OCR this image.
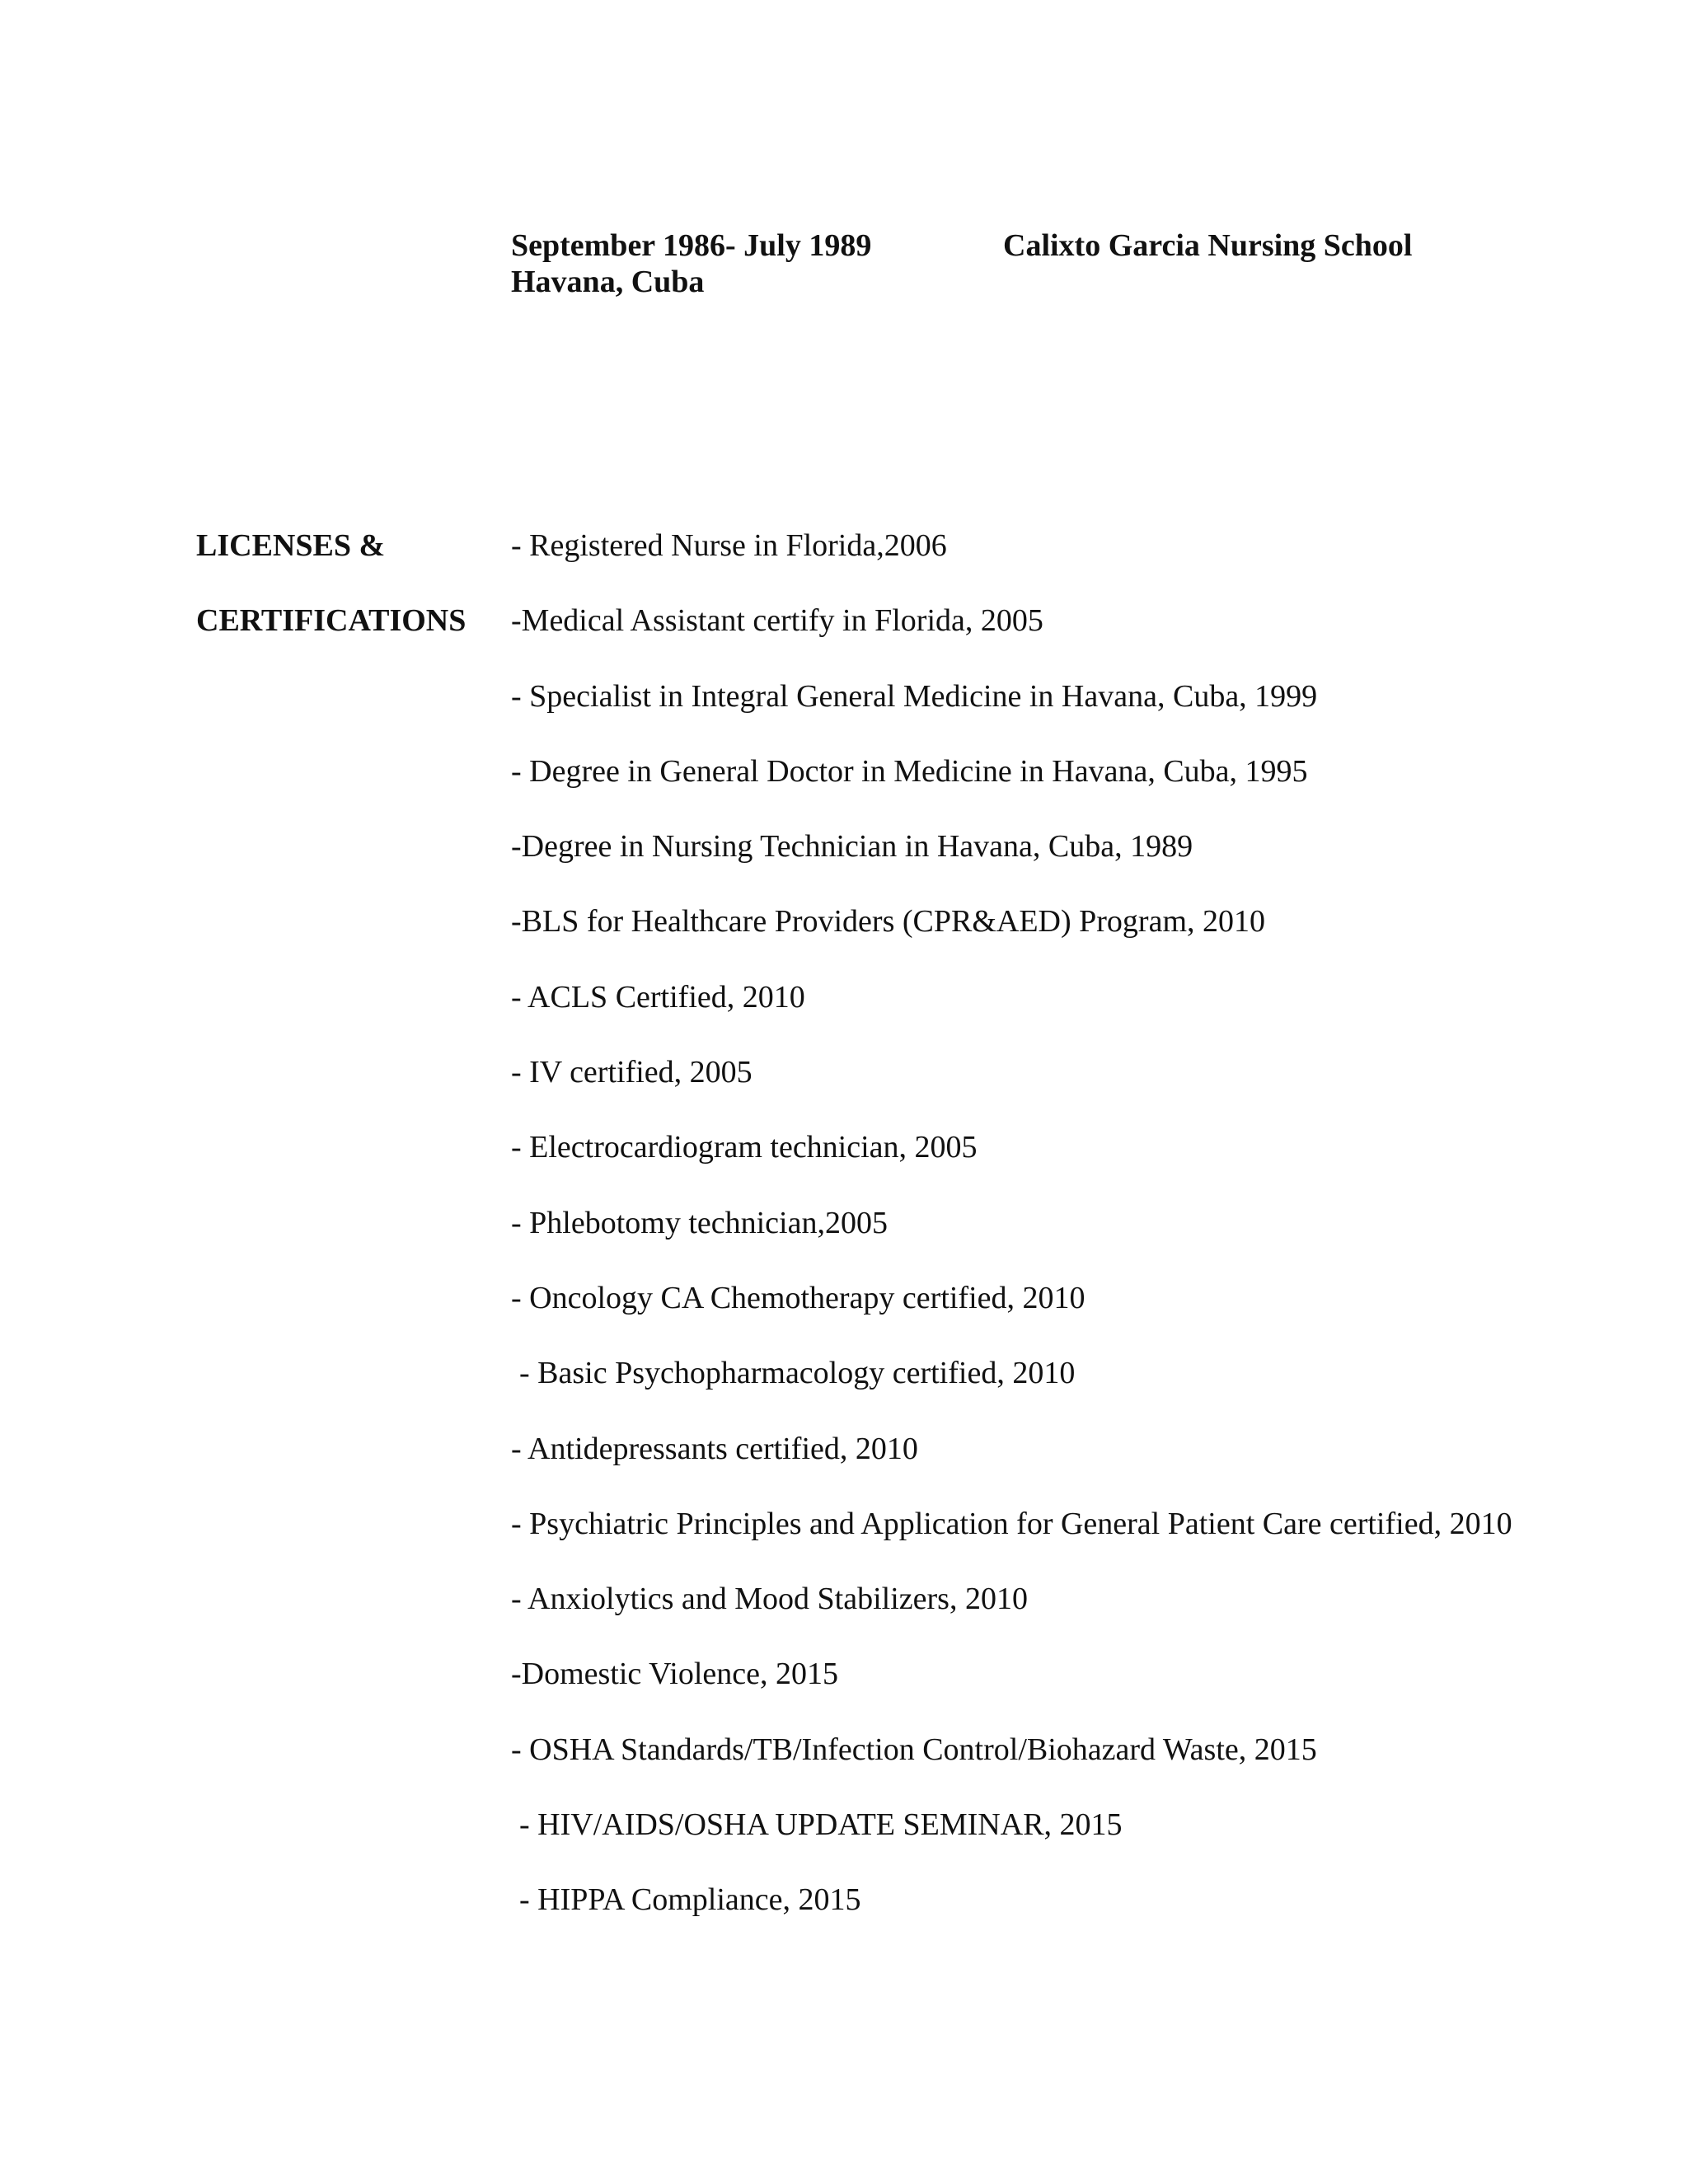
September 1986- July 1989	Calixto Garcia Nursing School
Havana, Cuba
LICENSES &
CERTIFICATIONS
- Registered Nurse in Florida,2006
-Medical Assistant certify in Florida, 2005
- Specialist in Integral General Medicine in Havana, Cuba, 1999
- Degree in General Doctor in Medicine in Havana, Cuba, 1995
-Degree in Nursing Technician in Havana, Cuba, 1989
-BLS for Healthcare Providers (CPR&AED) Program, 2010
- ACLS Certified, 2010
- IV certified, 2005
- Electrocardiogram technician, 2005
- Phlebotomy technician,2005
- Oncology CA Chemotherapy certified, 2010
- Basic Psychopharmacology certified, 2010
- Antidepressants certified, 2010
- Psychiatric Principles and Application for General Patient Care certified, 2010
- Anxiolytics and Mood Stabilizers, 2010
-Domestic Violence, 2015
- OSHA Standards/TB/Infection Control/Biohazard Waste, 2015
- HIV/AIDS/OSHA UPDATE SEMINAR, 2015
- HIPPA Compliance, 2015
